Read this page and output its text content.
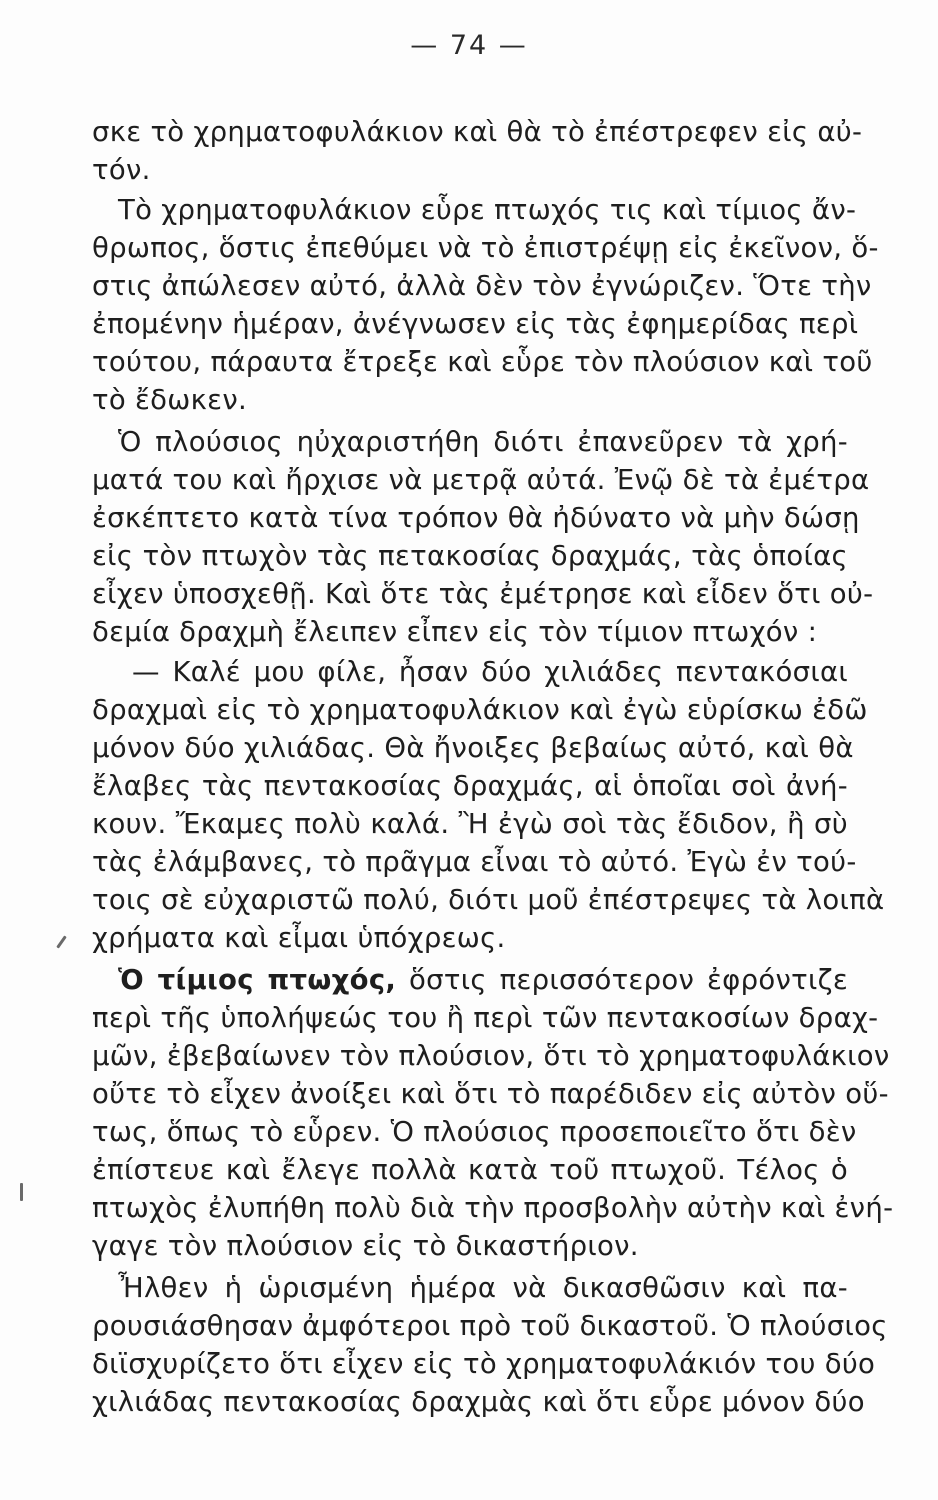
— 74 —
σκε τὸ χρηματοφυλάκιον καὶ θὰ τὸ ἐπέστρεφεν εἰς αὐ-
τόν.
Τὸ χρηματοφυλάκιον εὗρε πτωχός τις καὶ τίμιος ἄν-
θρωπος, ὅστις ἐπεθύμει νὰ τὸ ἐπιστρέψῃ εἰς ἐκεῖνον, ὅ-
στις ἀπώλεσεν αὐτό, ἀλλὰ δὲν τὸν ἐγνώριζεν. Ὅτε τὴν
ἐπομένην ἡμέραν, ἀνέγνωσεν εἰς τὰς ἐφημερίδας περὶ
τούτου, πάραυτα ἔτρεξε καὶ εὗρε τὸν πλούσιον καὶ τοῦ
τὸ ἔδωκεν.
Ὁ πλούσιος ηὐχαριστήθη διότι ἐπανεῦρεν τὰ χρή-
ματά του καὶ ἤρχισε νὰ μετρᾷ αὐτά. Ἐνῷ δὲ τὰ ἐμέτρα
ἐσκέπτετο κατὰ τίνα τρόπον θὰ ἠδύνατο νὰ μὴν δώσῃ
εἰς τὸν πτωχὸν τὰς πετακοσίας δραχμάς, τὰς ὁποίας
εἶχεν ὑποσχεθῇ. Καὶ ὅτε τὰς ἐμέτρησε καὶ εἶδεν ὅτι οὐ-
δεμία δραχμὴ ἔλειπεν εἶπεν εἰς τὸν τίμιον πτωχόν :
— Καλέ μου φίλε, ἦσαν δύο χιλιάδες πεντακόσιαι
δραχμαὶ εἰς τὸ χρηματοφυλάκιον καὶ ἐγὼ εὑρίσκω ἐδῶ
μόνον δύο χιλιάδας. Θὰ ἤνοιξες βεβαίως αὐτό, καὶ θὰ
ἔλαβες τὰς πεντακοσίας δραχμάς, αἱ ὁποῖαι σοὶ ἀνή-
κουν. Ἔκαμες πολὺ καλά. Ἢ ἐγὼ σοὶ τὰς ἔδιδον, ἢ σὺ
τὰς ἐλάμβανες, τὸ πρᾶγμα εἶναι τὸ αὐτό. Ἐγὼ ἐν τού-
τοις σὲ εὐχαριστῶ πολύ, διότι μοῦ ἐπέστρεψες τὰ λοιπὰ
χρήματα καὶ εἶμαι ὑπόχρεως.
Ὁ τίμιος πτωχός, ὅστις περισσότερον ἐφρόντιζε
περὶ τῆς ὑπολήψεώς του ἢ περὶ τῶν πεντακοσίων δραχ-
μῶν, ἐβεβαίωνεν τὸν πλούσιον, ὅτι τὸ χρηματοφυλάκιον
οὔτε τὸ εἶχεν ἀνοίξει καὶ ὅτι τὸ παρέδιδεν εἰς αὐτὸν οὕ-
τως, ὅπως τὸ εὗρεν. Ὁ πλούσιος προσεποιεῖτο ὅτι δὲν
ἐπίστευε καὶ ἔλεγε πολλὰ κατὰ τοῦ πτωχοῦ. Τέλος ὁ
πτωχὸς ἐλυπήθη πολὺ διὰ τὴν προσβολὴν αὐτὴν καὶ ἐνή-
γαγε τὸν πλούσιον εἰς τὸ δικαστήριον.
Ἦλθεν ἡ ὡρισμένη ἡμέρα νὰ δικασθῶσιν καὶ πα-
ρουσιάσθησαν ἀμφότεροι πρὸ τοῦ δικαστοῦ. Ὁ πλούσιος
διϊσχυρίζετο ὅτι εἶχεν εἰς τὸ χρηματοφυλάκιόν του δύο
χιλιάδας πεντακοσίας δραχμὰς καὶ ὅτι εὗρε μόνον δύο
